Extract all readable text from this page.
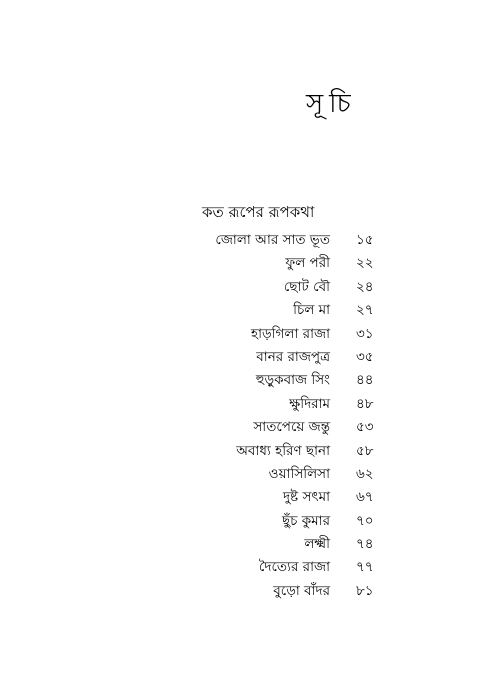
সূচি
কত রূপের রূপকথা
জোলা আর সাত ভূত	১৫
ফুল পরী	২২
ছোট বৌ	২৪
চিল মা	২৭
হাড়গিলা রাজা	৩১
বানর রাজপুত্র	৩৫
হুড়ুকবাজ সিং	৪৪
ক্ষুদিরাম	৪৮
সাতপেয়ে জন্তু	৫৩
অবাধ্য হরিণ ছানা	৫৮
ওয়াসিলিসা	৬২
দুষ্ট সৎমা	৬৭
ছুঁচ কুমার	৭০
লক্ষ্মী	৭৪
দৈত্যের রাজা	৭৭
বুড়ো বাঁদর	৮১
